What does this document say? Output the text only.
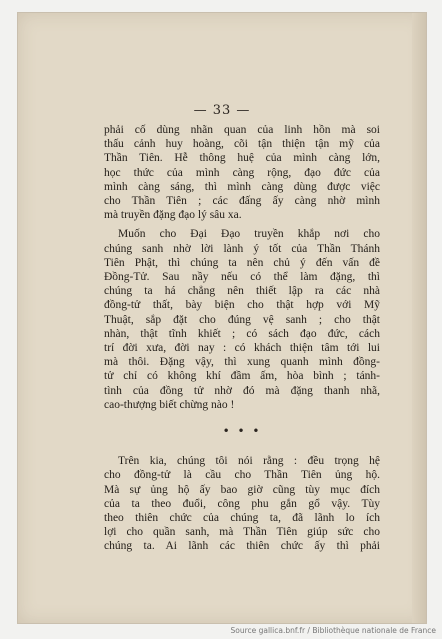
— 33 —
phải cố dùng nhãn quan của linh hồn mà soi
thấu cảnh huy hoàng, cõi tận thiện tận mỹ của
Thần Tiên. Hễ thông huệ của mình càng lớn,
học thức của mình càng rộng, đạo đức của
mình càng sáng, thì mình càng dùng được việc
cho Thần Tiên ; các đấng ấy càng nhờ mình
mà truyền đặng đạo lý sâu xa.
Muốn cho Đại Đạo truyền khắp nơi cho
chúng sanh nhờ lời lành ý tốt của Thần Thánh
Tiên Phật, thì chúng ta nên chủ ý đến vấn đề
Đồng-Tử. Sau nầy nếu có thể làm đặng, thì
chúng ta há chẳng nên thiết lập ra các nhà
đồng-tử thất, bày biện cho thật hợp với Mỹ
Thuật, sắp đặt cho đúng vệ sanh ; cho thật
nhàn, thật tĩnh khiết ; có sách đạo đức, cách
trí đời xưa, đời nay : có khách thiện tâm tới lui
mà thôi. Đặng vậy, thì xung quanh mình đồng-
tử chỉ có không khí đầm ấm, hòa bình ; tánh-
tình của đồng tử nhờ đó mà đặng thanh nhã,
cao-thượng biết chừng nào !
• • •
Trên kia, chúng tôi nói rằng : đều trọng hệ
cho đồng-tử là cầu cho Thần Tiên ủng hộ.
Mà sự ủng hộ ấy bao giờ cũng tùy mục đích
của ta theo đuổi, công phu gắn gổ vậy. Tùy
theo thiên chức của chúng ta, đã lãnh lo ích
lợi cho quần sanh, mà Thần Tiên giúp sức cho
chúng ta. Ai lãnh các thiên chức ấy thì phải
Source gallica.bnf.fr / Bibliothèque nationale de France
